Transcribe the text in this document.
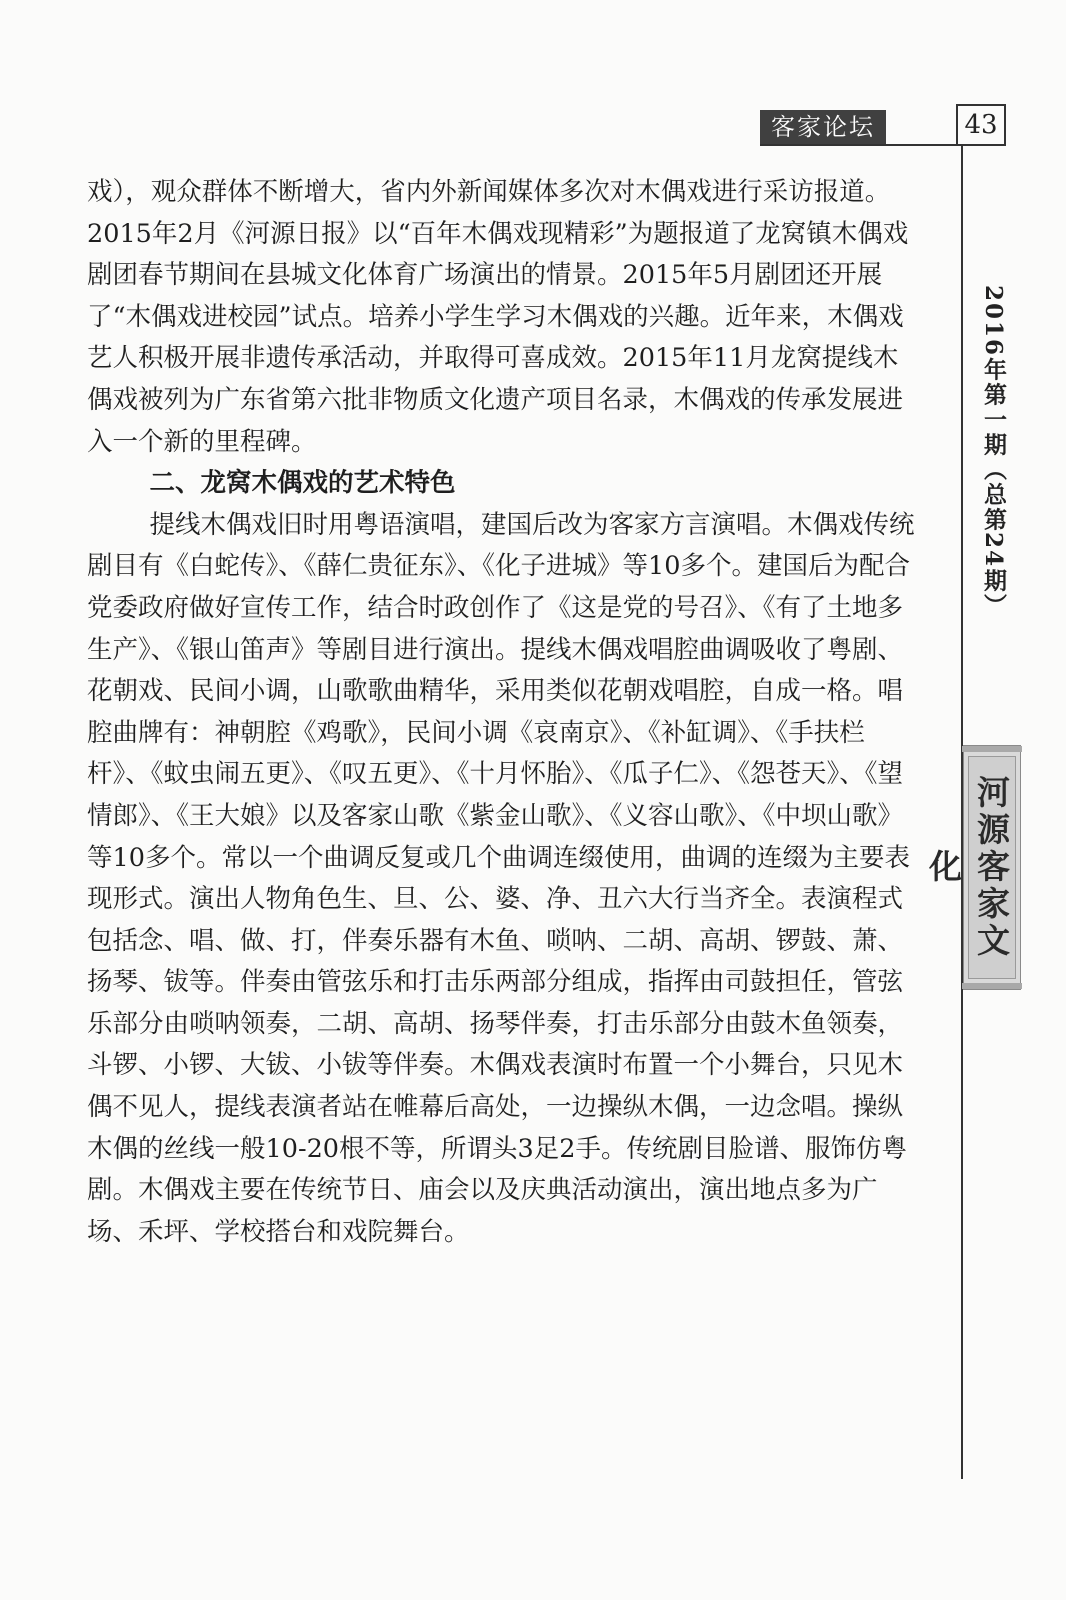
客家论坛	43
2016年第一期（总第24期）
河源客家文化

戏），观众群体不断增大，省内外新闻媒体多次对木偶戏进行采访报道。2015年2月《河源日报》以“百年木偶戏现精彩”为题报道了龙窝镇木偶戏剧团春节期间在县城文化体育广场演出的情景。2015年5月剧团还开展了“木偶戏进校园”试点。培养小学生学习木偶戏的兴趣。近年来，木偶戏艺人积极开展非遗传承活动，并取得可喜成效。2015年11月龙窝提线木偶戏被列为广东省第六批非物质文化遗产项目名录，木偶戏的传承发展进入一个新的里程碑。

二、龙窝木偶戏的艺术特色

提线木偶戏旧时用粤语演唱，建国后改为客家方言演唱。木偶戏传统剧目有《白蛇传》、《薛仁贵征东》、《化子进城》等10多个。建国后为配合党委政府做好宣传工作，结合时政创作了《这是党的号召》、《有了土地多生产》、《银山笛声》等剧目进行演出。提线木偶戏唱腔曲调吸收了粤剧、花朝戏、民间小调，山歌歌曲精华，采用类似花朝戏唱腔，自成一格。唱腔曲牌有：神朝腔《鸡歌》，民间小调《哀南京》、《补缸调》、《手扶栏杆》、《蚊虫闹五更》、《叹五更》、《十月怀胎》、《瓜子仁》、《怨苍天》、《望情郎》、《王大娘》以及客家山歌《紫金山歌》、《义容山歌》、《中坝山歌》等10多个。常以一个曲调反复或几个曲调连缀使用，曲调的连缀为主要表现形式。演出人物角色生、旦、公、婆、净、丑六大行当齐全。表演程式包括念、唱、做、打，伴奏乐器有木鱼、唢呐、二胡、高胡、锣鼓、萧、扬琴、钹等。伴奏由管弦乐和打击乐两部分组成，指挥由司鼓担任，管弦乐部分由唢呐领奏，二胡、高胡、扬琴伴奏，打击乐部分由鼓木鱼领奏，斗锣、小锣、大钹、小钹等伴奏。木偶戏表演时布置一个小舞台，只见木偶不见人，提线表演者站在帷幕后高处，一边操纵木偶，一边念唱。操纵木偶的丝线一般10-20根不等，所谓头3足2手。传统剧目脸谱、服饰仿粤剧。木偶戏主要在传统节日、庙会以及庆典活动演出，演出地点多为广场、禾坪、学校搭台和戏院舞台。
